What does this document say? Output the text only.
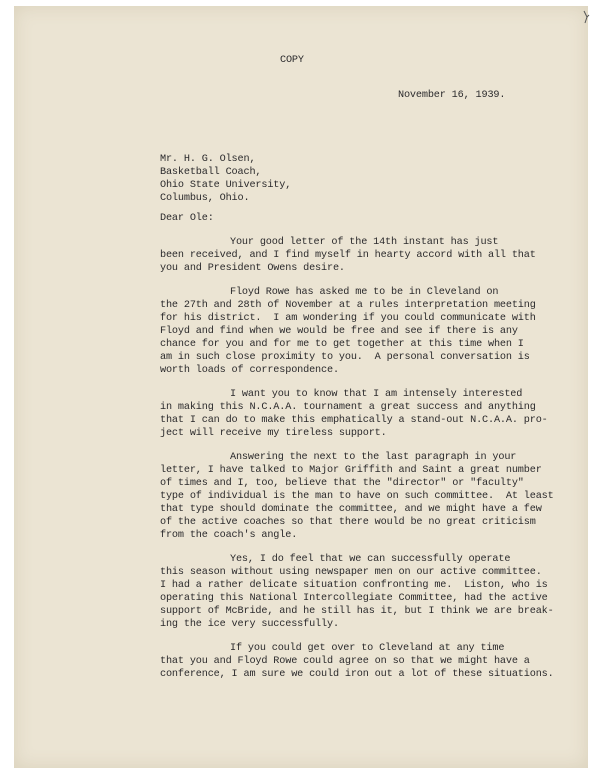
COPY
November 16, 1939.
Mr. H. G. Olsen,
Basketball Coach,
Ohio State University,
Columbus, Ohio.
Dear Ole:
Your good letter of the 14th instant has just
been received, and I find myself in hearty accord with all that
you and President Owens desire.
Floyd Rowe has asked me to be in Cleveland on
the 27th and 28th of November at a rules interpretation meeting
for his district.  I am wondering if you could communicate with
Floyd and find when we would be free and see if there is any
chance for you and for me to get together at this time when I
am in such close proximity to you.  A personal conversation is
worth loads of correspondence.
I want you to know that I am intensely interested
in making this N.C.A.A. tournament a great success and anything
that I can do to make this emphatically a stand-out N.C.A.A. pro-
ject will receive my tireless support.
Answering the next to the last paragraph in your
letter, I have talked to Major Griffith and Saint a great number
of times and I, too, believe that the "director" or "faculty"
type of individual is the man to have on such committee.  At least
that type should dominate the committee, and we might have a few
of the active coaches so that there would be no great criticism
from the coach's angle.
Yes, I do feel that we can successfully operate
this season without using newspaper men on our active committee.
I had a rather delicate situation confronting me.  Liston, who is
operating this National Intercollegiate Committee, had the active
support of McBride, and he still has it, but I think we are break-
ing the ice very successfully.
If you could get over to Cleveland at any time
that you and Floyd Rowe could agree on so that we might have a
conference, I am sure we could iron out a lot of these situations.
